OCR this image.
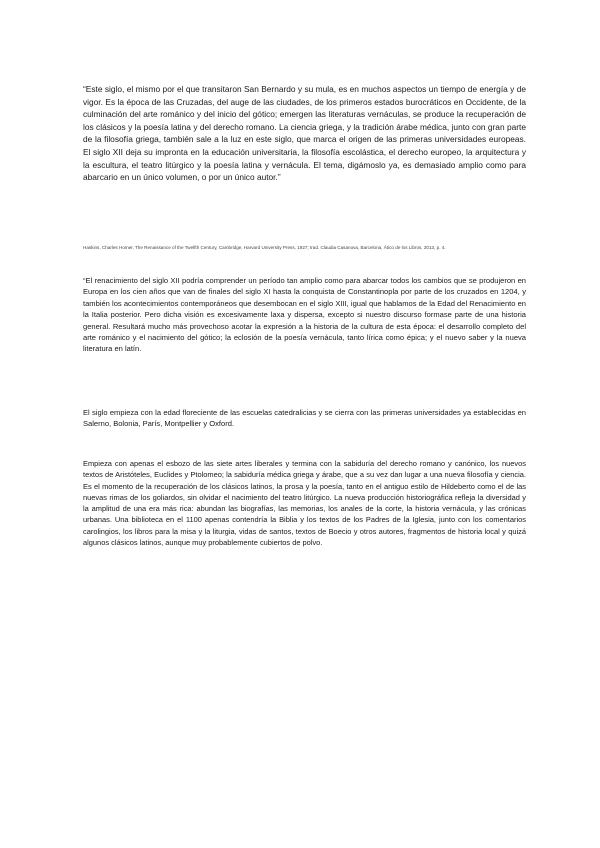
“Este siglo, el mismo por el que transitaron San Bernardo y su mula, es en muchos aspectos un tiempo de energía y de vigor. Es la época de las Cruzadas, del auge de las ciudades, de los primeros estados burocráticos en Occidente, de la culminación del arte románico y del inicio del gótico; emergen las literaturas vernáculas, se produce la recuperación de los clásicos y la poesía latina y del derecho romano. La ciencia griega, y la tradición árabe médica, junto con gran parte de la filosofía griega, también sale a la luz en este siglo, que marca el origen de las primeras universidades europeas. El siglo XII deja su impronta en la educación universitaria, la filosofía escolástica, el derecho europeo, la arquitectura y la escultura, el teatro litúrgico y la poesía latina y vernácula. El tema, digámoslo ya, es demasiado amplio como para abarcario en un único volumen, o por un único autor.”

Haskins, Charles Homer, The Renaissance of the Twelfth Century, Cambridge, Harvard University Press, 1927; trad. Claudia Casanova, Barcelona, Ático de los Libros, 2013, p. 4.

“El renacimiento del siglo XII podría comprender un período tan amplio como para abarcar todos los cambios que se produjeron en Europa en los cien años que van de finales del siglo XI hasta la conquista de Constantinopla por parte de los cruzados en 1204, y también los acontecimientos contemporáneos que desembocan en el siglo XIII, igual que hablamos de la Edad del Renacimiento en la Italia posterior. Pero dicha visión es excesivamente laxa y dispersa, excepto si nuestro discurso formase parte de una historia general. Resultará mucho más provechoso acotar la expresión a la historia de la cultura de esta época: el desarrollo completo del arte románico y el nacimiento del gótico; la eclosión de la poesía vernácula, tanto lírica como épica; y el nuevo saber y la nueva literatura en latín.

El siglo empieza con la edad floreciente de las escuelas catedralicias y se cierra con las primeras universidades ya establecidas en Salerno, Bolonia, París, Montpellier y Oxford.

Empieza con apenas el esbozo de las siete artes liberales y termina con la sabiduría del derecho romano y canónico, los nuevos textos de Aristóteles, Euclides y Ptolomeo; la sabiduría médica griega y árabe, que a su vez dan lugar a una nueva filosofía y ciencia. Es el momento de la recuperación de los clásicos latinos, la prosa y la poesía, tanto en el antiguo estilo de Hildeberto como el de las nuevas rimas de los goliardos, sin olvidar el nacimiento del teatro litúrgico. La nueva producción historiográfica refleja la diversidad y la amplitud de una era más rica: abundan las biografías, las memorias, los anales de la corte, la historia vernácula, y las crónicas urbanas. Una biblioteca en el 1100 apenas contendría la Biblia y los textos de los Padres de la Iglesia, junto con los comentarios carolingios, los libros para la misa y la liturgia, vidas de santos, textos de Boecio y otros autores, fragmentos de historia local y quizá algunos clásicos latinos, aunque muy probablemente cubiertos de polvo.
